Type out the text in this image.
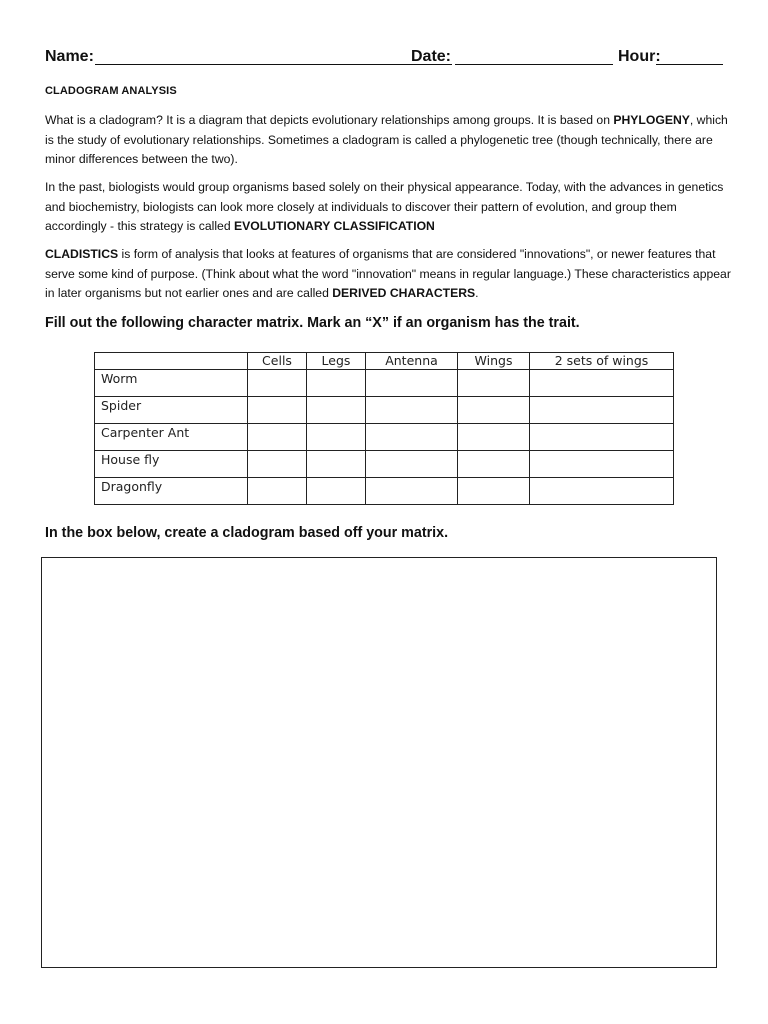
Name:	Date:	Hour:
CLADOGRAM ANALYSIS

What is a cladogram? It is a diagram that depicts evolutionary relationships among groups. It is based on PHYLOGENY, which is the study of evolutionary relationships. Sometimes a cladogram is called a phylogenetic tree (though technically, there are minor differences between the two).

In the past, biologists would group organisms based solely on their physical appearance. Today, with the advances in genetics and biochemistry, biologists can look more closely at individuals to discover their pattern of evolution, and group them accordingly - this strategy is called EVOLUTIONARY CLASSIFICATION

CLADISTICS is form of analysis that looks at features of organisms that are considered "innovations", or newer features that serve some kind of purpose. (Think about what the word "innovation" means in regular language.) These characteristics appear in later organisms but not earlier ones and are called DERIVED CHARACTERS.

Fill out the following character matrix. Mark an “X” if an organism has the trait.
	Cells	Legs	Antenna	Wings	2 sets of wings
Worm					
Spider					
Carpenter Ant					
House fly					
Dragonfly					
In the box below, create a cladogram based off your matrix.
